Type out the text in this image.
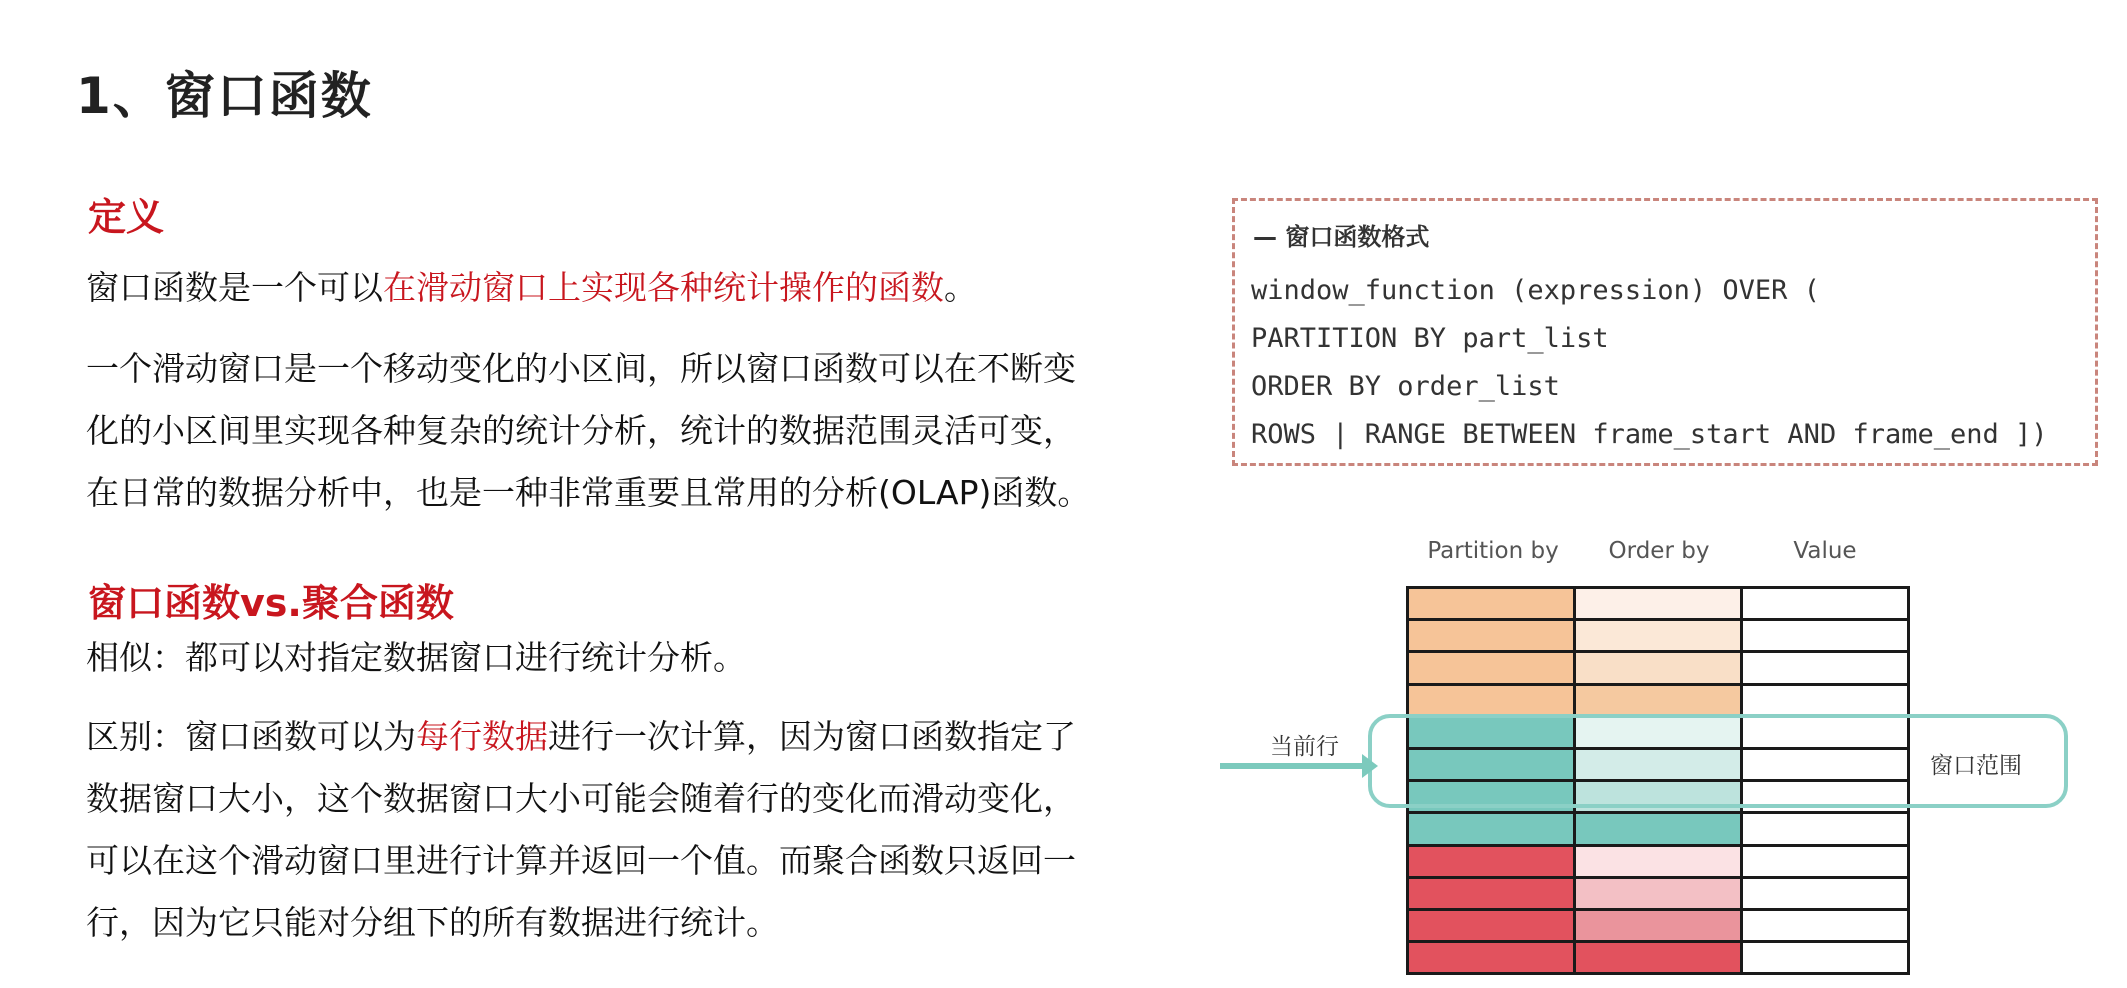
1、窗口函数
定义
窗口函数是一个可以在滑动窗口上实现各种统计操作的函数。
一个滑动窗口是一个移动变化的小区间，所以窗口函数可以在不断变
化的小区间里实现各种复杂的统计分析，统计的数据范围灵活可变，
在日常的数据分析中，也是一种非常重要且常用的分析(OLAP)函数。
窗口函数vs.聚合函数
相似：都可以对指定数据窗口进行统计分析。
区别：窗口函数可以为每行数据进行一次计算，因为窗口函数指定了
数据窗口大小，这个数据窗口大小可能会随着行的变化而滑动变化，
可以在这个滑动窗口里进行计算并返回一个值。而聚合函数只返回一
行，因为它只能对分组下的所有数据进行统计。
— 窗口函数格式
window_function (expression) OVER (
PARTITION BY part_list
ORDER BY order_list
ROWS | RANGE BETWEEN frame_start AND frame_end ])
Partition by	Order by	Value
当前行
窗口范围
